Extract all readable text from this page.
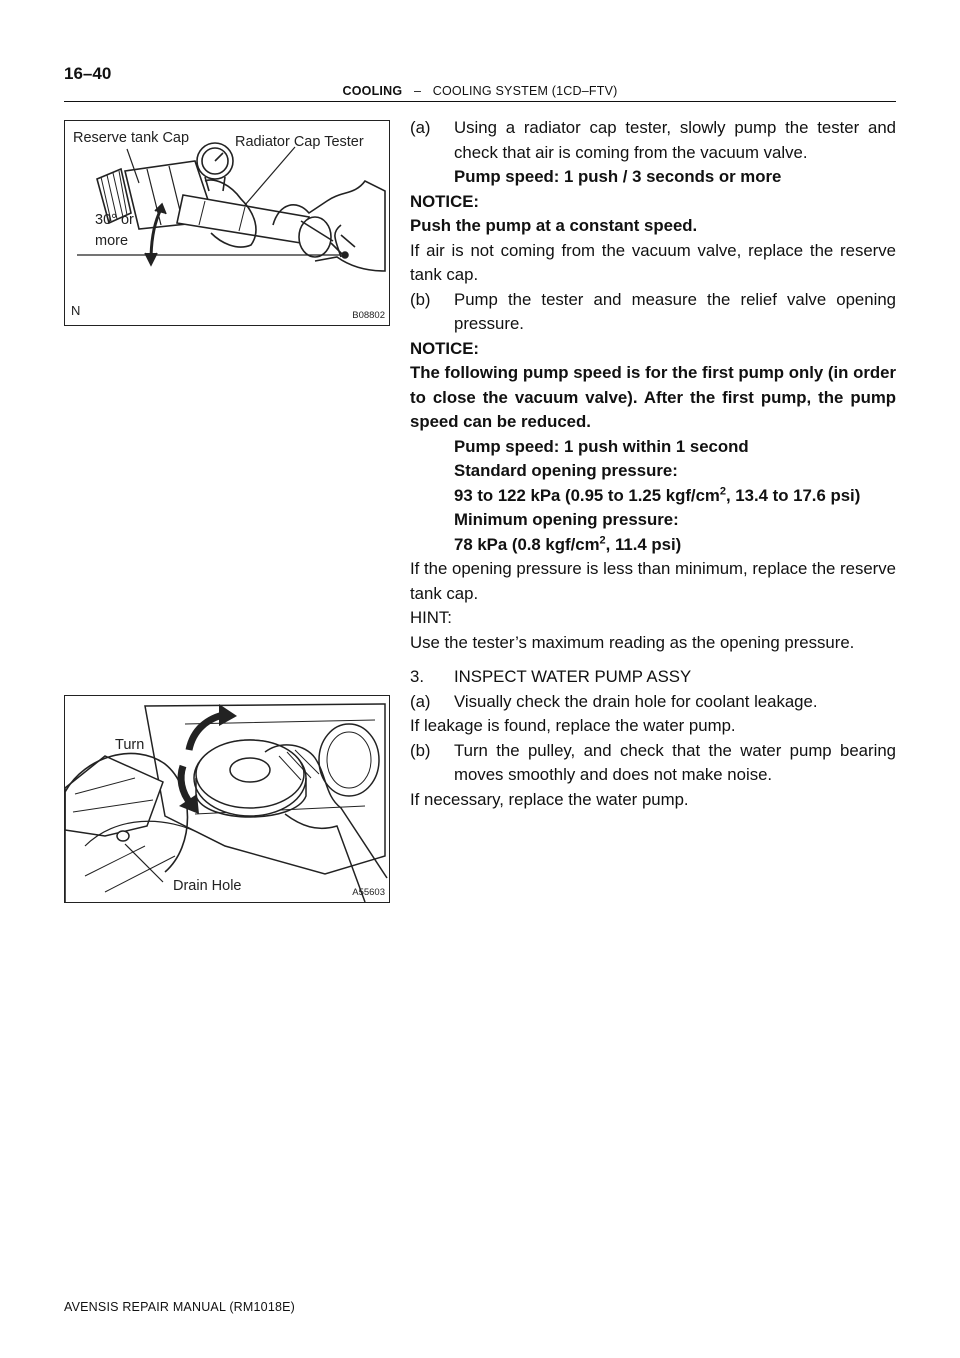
16–40
COOLING – COOLING SYSTEM (1CD–FTV)
Reserve tank Cap	Radiator Cap Tester
30° or
more
N	B08802
Turn
Drain Hole	A55603
(a) Using a radiator cap tester, slowly pump the tester and check that air is coming from the vacuum valve.

Pump speed: 1 push / 3 seconds or more

NOTICE:

Push the pump at a constant speed.

If air is not coming from the vacuum valve, replace the reserve tank cap.

(b) Pump the tester and measure the relief valve opening pressure.

NOTICE:

The following pump speed is for the first pump only (in order to close the vacuum valve). After the first pump, the pump speed can be reduced.

Pump speed: 1 push within 1 second

Standard opening pressure:

93 to 122 kPa (0.95 to 1.25 kgf/$cm^2$, 13.4 to 17.6 psi)

Minimum opening pressure:

78 kPa (0.8 kgf/$cm^2$, 11.4 psi)

If the opening pressure is less than minimum, replace the reserve tank cap.

HINT:

Use the tester’s maximum reading as the opening pressure.

3. INSPECT WATER PUMP ASSY
(a) Visually check the drain hole for coolant leakage.

If leakage is found, replace the water pump.

(b) Turn the pulley, and check that the water pump bearing moves smoothly and does not make noise.

If necessary, replace the water pump.

AVENSIS REPAIR MANUAL (RM1018E)
